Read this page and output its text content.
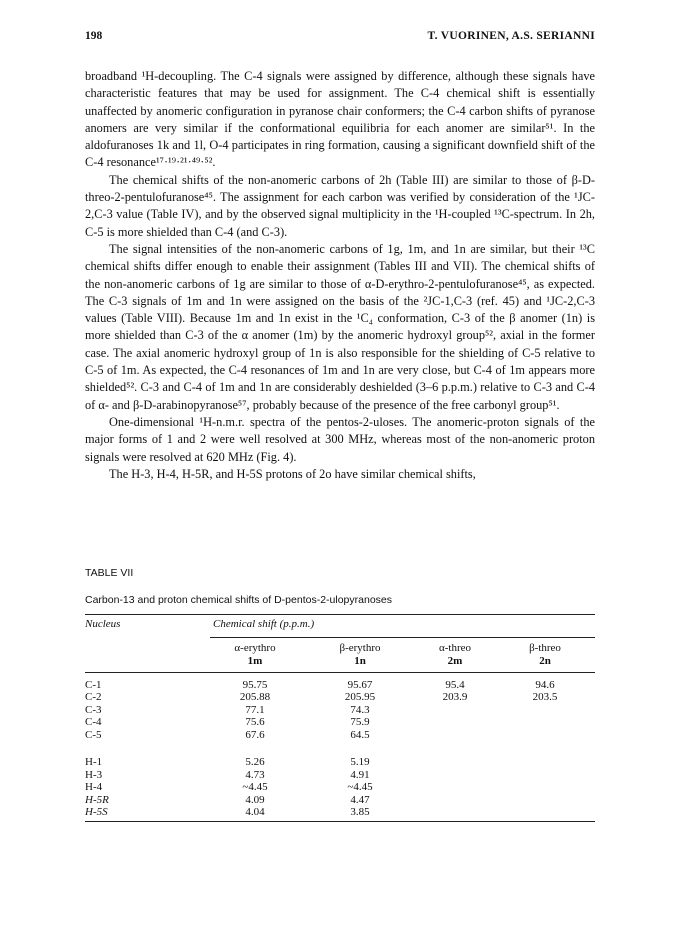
198	T. VUORINEN, A.S. SERIANNI

broadband ¹H-decoupling. The C-4 signals were assigned by difference, although these signals have characteristic features that may be used for assignment. The C-4 chemical shift is essentially unaffected by anomeric configuration in pyranose chair conformers; the C-4 carbon shifts of pyranose anomers are very similar if the conformational equilibria for each anomer are similar⁵¹. In the aldofuranoses 1k and 1l, O-4 participates in ring formation, causing a significant downfield shift of the C-4 resonance¹⁷·¹⁹·²¹·⁴⁹·⁵².

The chemical shifts of the non-anomeric carbons of 2h (Table III) are similar to those of β-D-threo-2-pentulofuranose⁴⁵. The assignment for each carbon was verified by consideration of the ¹JC-2,C-3 value (Table IV), and by the observed signal multiplicity in the ¹H-coupled ¹³C-spectrum. In 2h, C-5 is more shielded than C-4 (and C-3).

The signal intensities of the non-anomeric carbons of 1g, 1m, and 1n are similar, but their ¹³C chemical shifts differ enough to enable their assignment (Tables III and VII). The chemical shifts of the non-anomeric carbons of 1g are similar to those of α-D-erythro-2-pentulofuranose⁴⁵, as expected. The C-3 signals of 1m and 1n were assigned on the basis of the ²JC-1,C-3 (ref. 45) and ¹JC-2,C-3 values (Table VIII). Because 1m and 1n exist in the ¹C₄ conformation, C-3 of the β anomer (1n) is more shielded than C-3 of the α anomer (1m) by the anomeric hydroxyl group⁵², axial in the former case. The axial anomeric hydroxyl group of 1n is also responsible for the shielding of C-5 relative to C-5 of 1m. As expected, the C-4 resonances of 1m and 1n are very close, but C-4 of 1m appears more shielded⁵². C-3 and C-4 of 1m and 1n are considerably deshielded (3–6 p.p.m.) relative to C-3 and C-4 of α- and β-D-arabinopyranose⁵⁷, probably because of the presence of the free carbonyl group⁵¹.

One-dimensional ¹H-n.m.r. spectra of the pentos-2-uloses. The anomeric-proton signals of the major forms of 1 and 2 were well resolved at 300 MHz, whereas most of the non-anomeric proton signals were resolved at 620 MHz (Fig. 4).

The H-3, H-4, H-5R, and H-5S protons of 2o have similar chemical shifts,

TABLE VII
Carbon-13 and proton chemical shifts of D-pentos-2-ulopyranoses
Nucleus	Chemical shift (p.p.m.)
	α-erythro	β-erythro	α-threo	β-threo
	1m	1n	2m	2n
C-1	95.75	95.67	95.4	94.6
C-2	205.88	205.95	203.9	203.5
C-3	77.1	74.3		
C-4	75.6	75.9		
C-5	67.6	64.5		
H-1	5.26	5.19		
H-3	4.73	4.91		
H-4	~4.45	~4.45		
H-5R	4.09	4.47		
H-5S	4.04	3.85		
